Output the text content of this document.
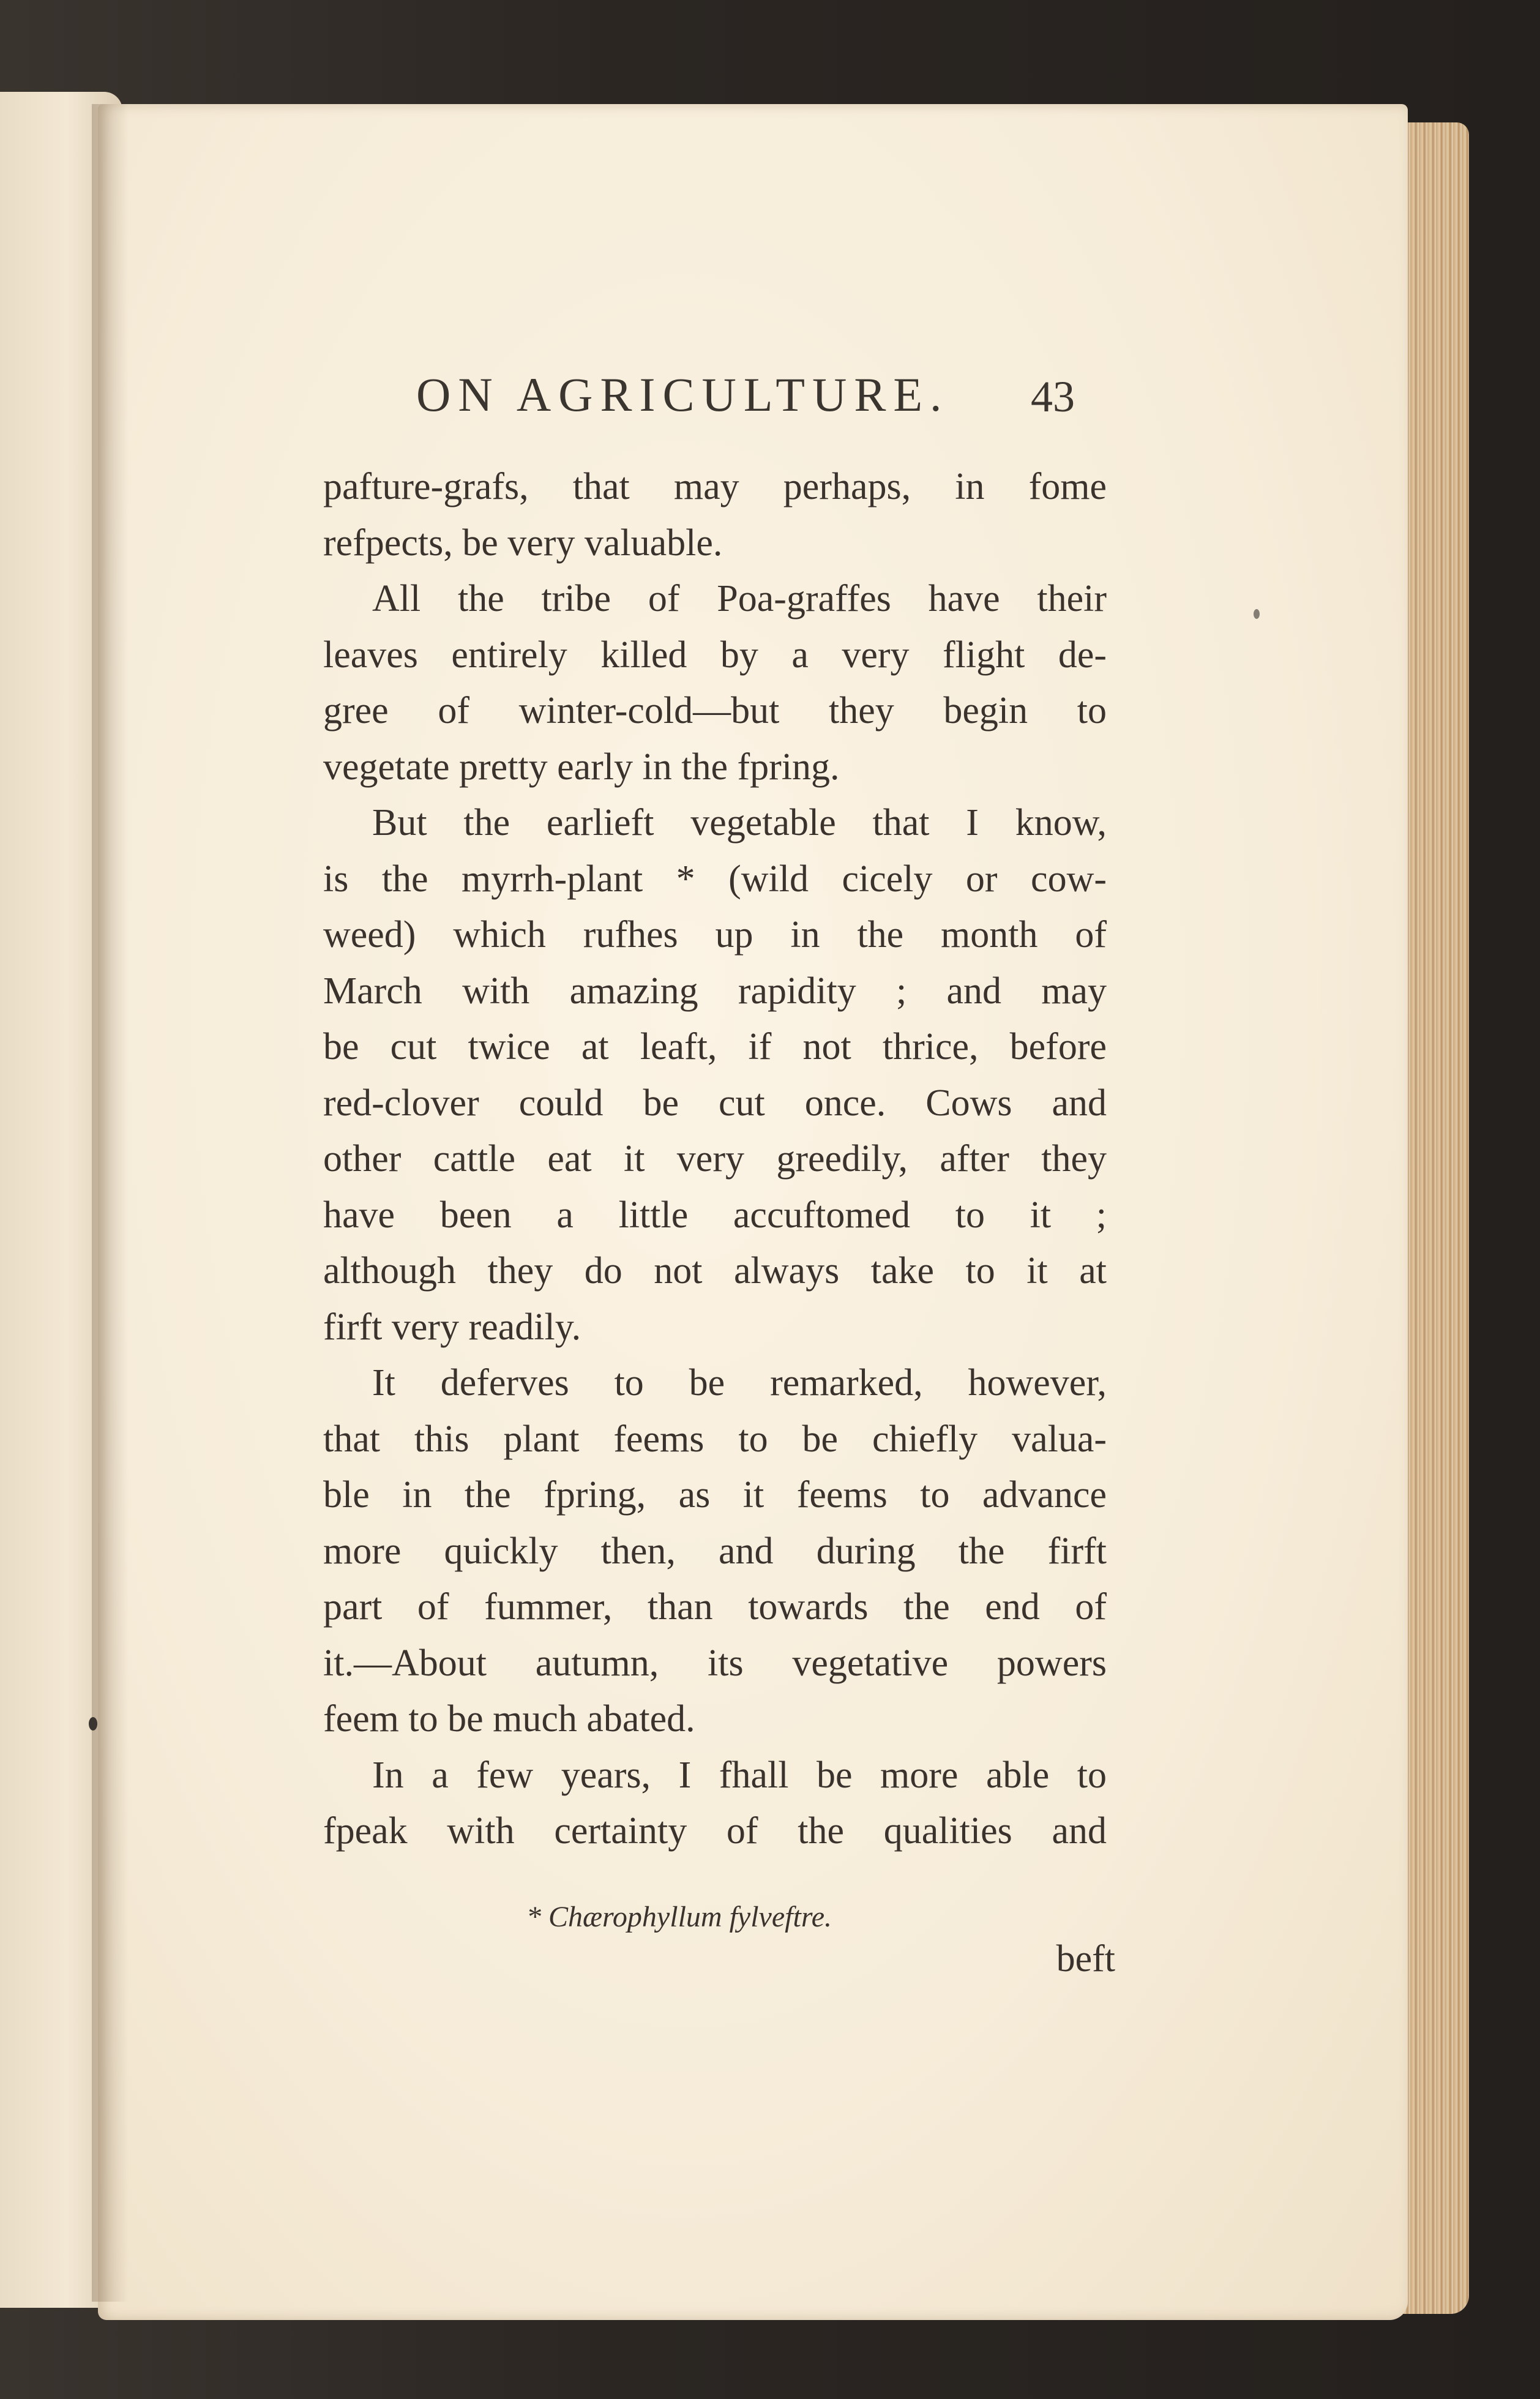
ON AGRICULTURE. 43
pafture-grafs, that may perhaps, in fome
refpects, be very valuable.
All the tribe of Poa-graffes have their
leaves entirely killed by a very flight de-
gree of winter-cold—but they begin to
vegetate pretty early in the fpring.
But the earlieft vegetable that I know,
is the myrrh-plant * (wild cicely or cow-
weed) which rufhes up in the month of
March with amazing rapidity ; and may
be cut twice at leaft, if not thrice, before
red-clover could be cut once. Cows and
other cattle eat it very greedily, after they
have been a little accuftomed to it ;
although they do not always take to it at
firft very readily.
It deferves to be remarked, however,
that this plant feems to be chiefly valua-
ble in the fpring, as it feems to advance
more quickly then, and during the firft
part of fummer, than towards the end of
it.—About autumn, its vegetative powers
feem to be much abated.
In a few years, I fhall be more able to
fpeak with certainty of the qualities and
* Chærophyllum fylveftre.
beft
